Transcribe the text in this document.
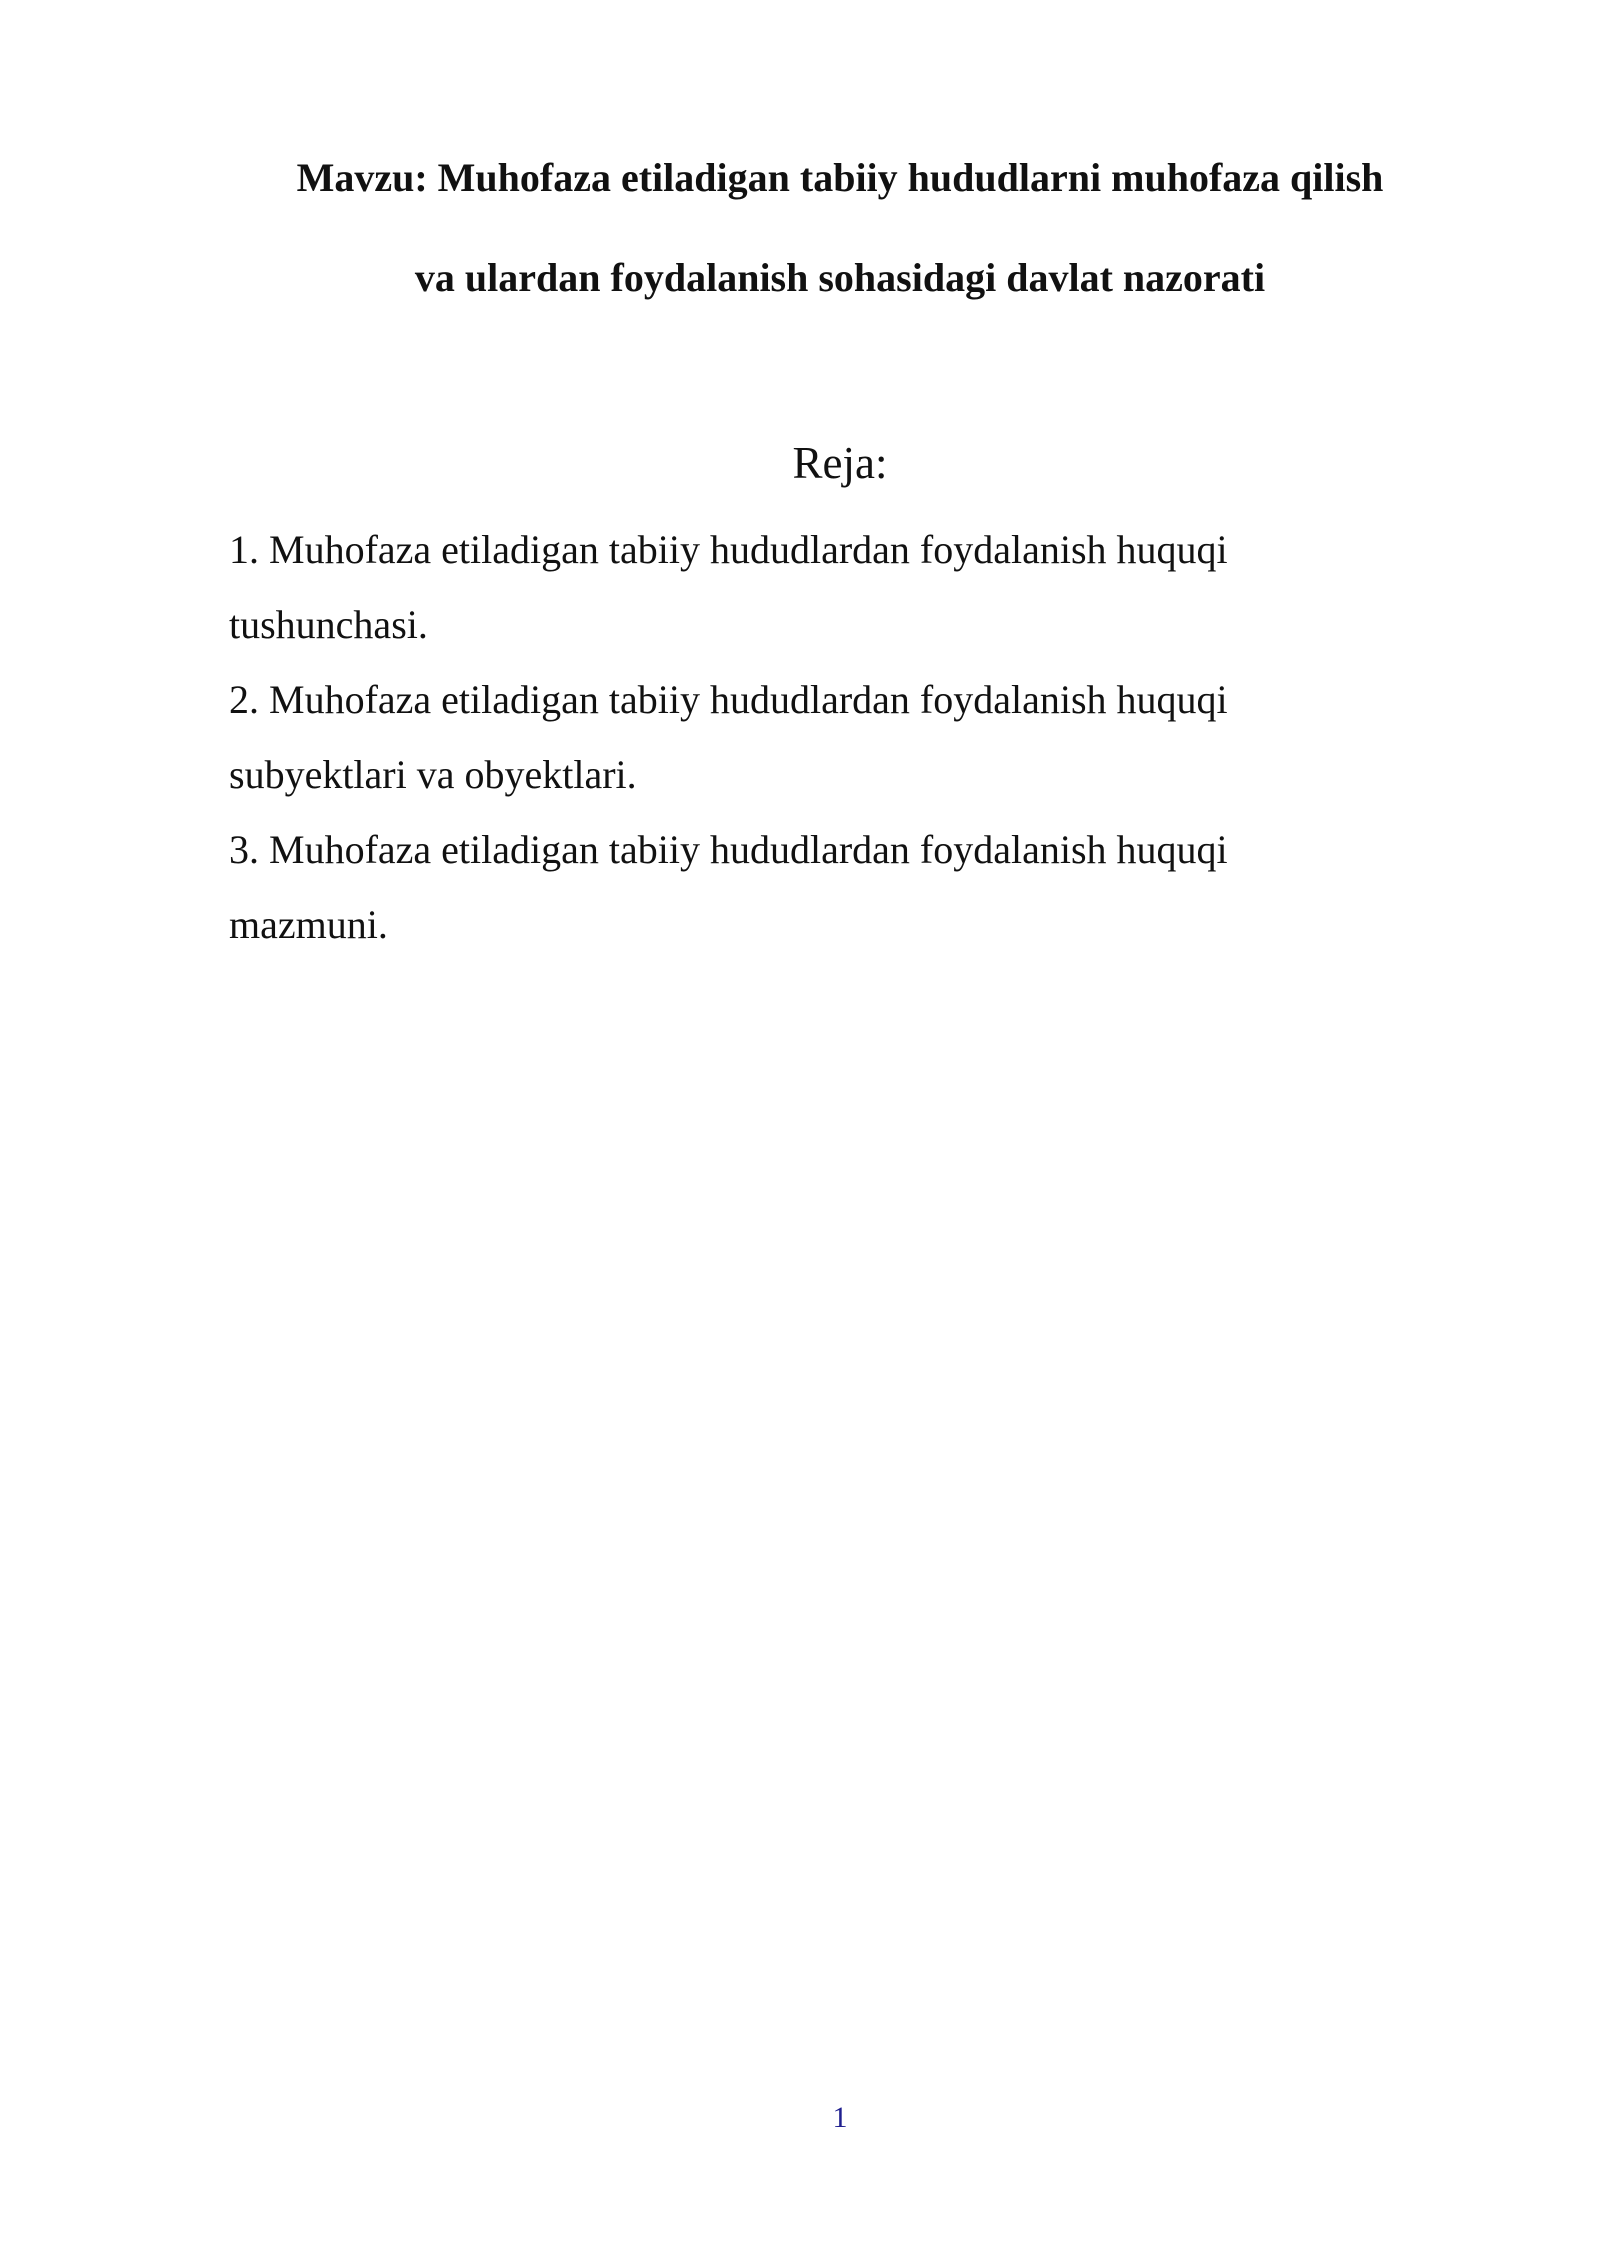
Mavzu: Muhofaza etiladigan tabiiy hududlarni muhofaza qilish
va ulardan foydalanish sohasidagi davlat nazorati
Reja:

1. Muhofaza etiladigan tabiiy hududlardan foydalanish huquqi
tushunchasi.

2. Muhofaza etiladigan tabiiy hududlardan foydalanish huquqi
subyektlari va obyektlari.

3. Muhofaza etiladigan tabiiy hududlardan foydalanish huquqi
mazmuni.

1
